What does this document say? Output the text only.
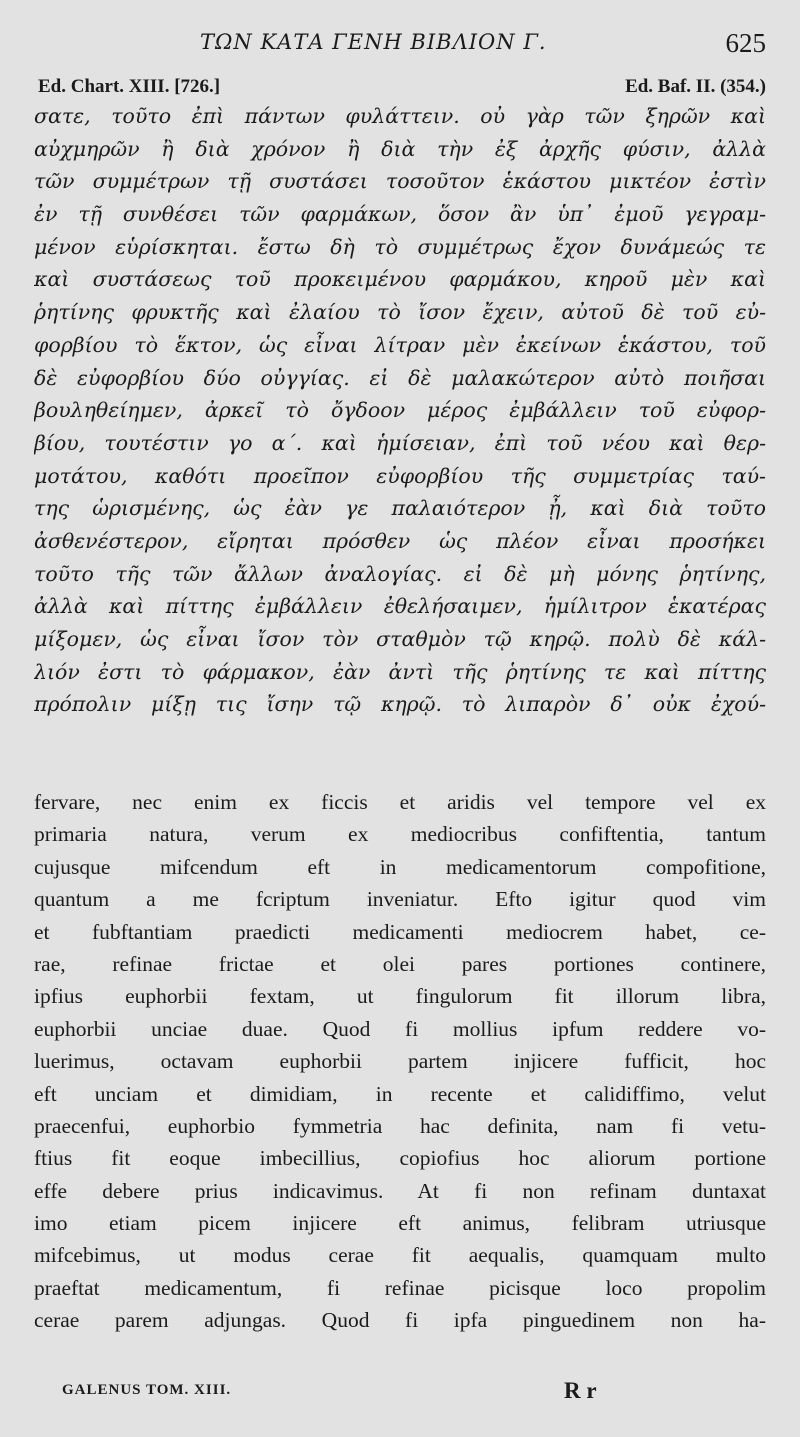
ΤΩΝ ΚΑΤΑ ΓΕΝΗ ΒΙΒΛΙΟΝ Γ.	625
Ed. Chart. XIII. [726.]	Ed. Baf. II. (354.)
σατε, τοῦτο ἐπὶ πάντων φυλάττειν. οὐ γὰρ τῶν ξηρῶν καὶ
αὐχμηρῶν ἢ διὰ χρόνον ἢ διὰ τὴν ἐξ ἀρχῆς φύσιν, ἀλλὰ
τῶν συμμέτρων τῇ συστάσει τοσοῦτον ἑκάστου μικτέον ἐστὶν
ἐν τῇ συνθέσει τῶν φαρμάκων, ὅσον ἂν ὑπ᾿ ἐμοῦ γεγραμ-
μένον εὑρίσκηται. ἔστω δὴ τὸ συμμέτρως ἔχον δυνάμεώς τε
καὶ συστάσεως τοῦ προκειμένου φαρμάκου, κηροῦ μὲν καὶ
ῥητίνης φρυκτῆς καὶ ἐλαίου τὸ ἴσον ἔχειν, αὐτοῦ δὲ τοῦ εὐ-
φορβίου τὸ ἕκτον, ὡς εἶναι λίτραν μὲν ἐκείνων ἑκάστου, τοῦ
δὲ εὐφορβίου δύο οὐγγίας. εἰ δὲ μαλακώτερον αὐτὸ ποιῆσαι
βουληθείημεν, ἀρκεῖ τὸ ὄγδοον μέρος ἐμβάλλειν τοῦ εὐφορ-
βίου, τουτέστιν γο α΄. καὶ ἡμίσειαν, ἐπὶ τοῦ νέου καὶ θερ-
μοτάτου, καθότι προεῖπον εὐφορβίου τῆς συμμετρίας ταύ-
της ὡρισμένης, ὡς ἐὰν γε παλαιότερον ᾖ, καὶ διὰ τοῦτο
ἀσθενέστερον, εἴρηται πρόσθεν ὡς πλέον εἶναι προσήκει
τοῦτο τῆς τῶν ἄλλων ἀναλογίας. εἰ δὲ μὴ μόνης ῥητίνης,
ἀλλὰ καὶ πίττης ἐμβάλλειν ἐθελήσαιμεν, ἡμίλιτρον ἑκατέρας
μίξομεν, ὡς εἶναι ἴσον τὸν σταθμὸν τῷ κηρῷ. πολὺ δὲ κάλ-
λιόν ἐστι τὸ φάρμακον, ἐὰν ἀντὶ τῆς ῥητίνης τε καὶ πίττης
πρόπολιν μίξῃ τις ἴσην τῷ κηρῷ. τὸ λιπαρὸν δ᾿ οὐκ ἐχού-
fervare, nec enim ex ficcis et aridis vel tempore vel ex
primaria natura, verum ex mediocribus confiftentia, tantum
cujusque mifcendum eft in medicamentorum compofitione,
quantum a me fcriptum inveniatur. Efto igitur quod vim
et fubftantiam praedicti medicamenti mediocrem habet, ce-
rae, refinae frictae et olei pares portiones continere,
ipfius euphorbii fextam, ut fingulorum fit illorum libra,
euphorbii unciae duae. Quod fi mollius ipfum reddere vo-
luerimus, octavam euphorbii partem injicere fufficit, hoc
eft unciam et dimidiam, in recente et calidiffimo, velut
praecenfui, euphorbio fymmetria hac definita, nam fi vetu-
ftius fit eoque imbecillius, copiofius hoc aliorum portione
effe debere prius indicavimus. At fi non refinam duntaxat
imo etiam picem injicere eft animus, felibram utriusque
mifcebimus, ut modus cerae fit aequalis, quamquam multo
praeftat medicamentum, fi refinae picisque loco propolim
cerae parem adjungas. Quod fi ipfa pinguedinem non ha-
GALENUS TOM. XIII.	R r
